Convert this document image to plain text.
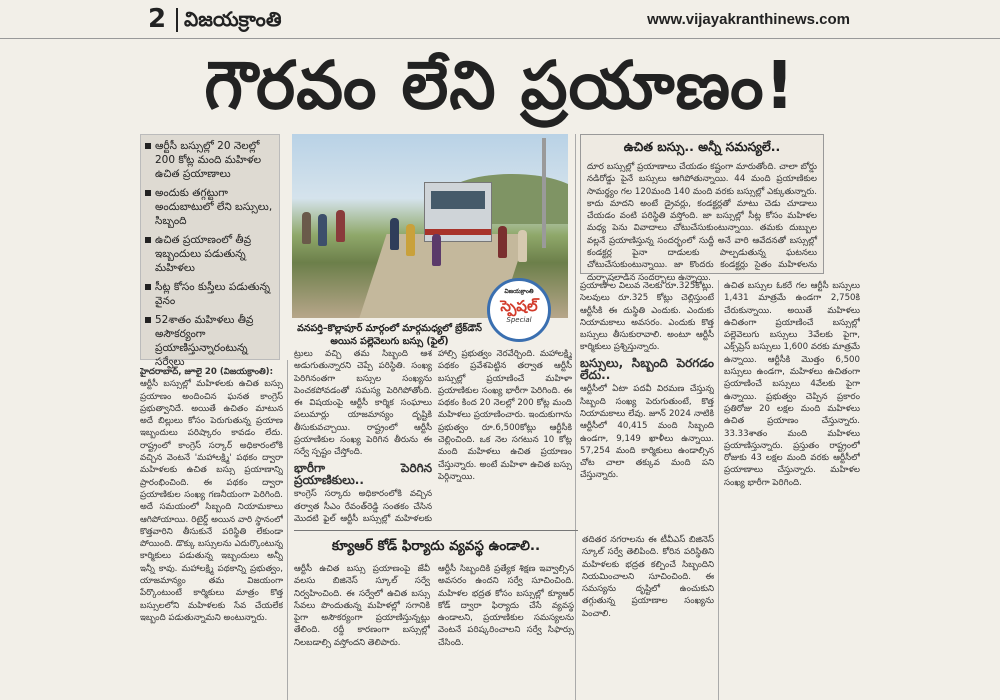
2 విజయక్రాంతి	www.vijayakranthinews.com
గౌరవం లేని ప్రయాణం!
ఆర్టీసీ బస్సుల్లో 20 నెలల్లో 200 కోట్ల మంది మహిళల ఉచిత ప్రయాణాలు
అందుకు తగ్గట్టుగా అందుబాటులో లేని బస్సులు, సిబ్బంది
ఉచిత ప్రయాణంలో తీవ్ర ఇబ్బందులు పడుతున్న మహిళలు
సీట్ల కోసం కుస్తీలు పడుతున్న వైనం
52శాతం మహిళలు తీవ్ర అసౌకర్యంగా ప్రయాణిస్తున్నారంటున్న సర్వేలు
విజయక్రాంతి
స్పెషల్
Special
వనపర్తి–కొల్లాపూర్ మార్గంలో మార్గమధ్యలో బ్రేక్‌డౌన్ అయిన పల్లెవెలుగు బస్సు (ఫైల్)
ఉచిత బస్సు.. అన్నీ సమస్యలే..
దూర బస్సుల్లో ప్రయాణాలు చేయడం కష్టంగా మారుతోంది. చాలా బోర్డు నడిరోడ్డు పైనే బస్సులు ఆగిపోతున్నాయి. 44 మంది ప్రయాణికుల సామర్థ్యం గల 120మంది 140 మంది వరకు బస్సుల్లో ఎక్కుతున్నారు. కాదు మాదని అంటే డ్రైవర్లు, కండక్టర్లతో మాటు చెడు చూడాలు చేయడం వంటి పరిస్థితి వస్తోంది. జా బస్సుల్లో సీట్ల కోసం మహిళల మధ్య పెను వివాదాలు చోటుచేసుకుంటున్నాయి. తమకు దుబ్బుల వల్లనే ప్రయాణిస్తున్న సందర్భంలో సుద్దీ అనే వారి ఆవేదనతో బస్సుల్లో కండక్టర్ల పైనా దాడులకు పాల్పడుతున్న ఘటనలు చోటుచేసుకుంటున్నాయి. జా కొందరు కండక్టర్లు సైతం మహిళలను దుర్భాషలాడిన సందర్భాలు ఉన్నాయి.
హైదరాబాద్, జూలై 20 (విజయక్రాంతి):
ఆర్టీసీ బస్సుల్లో మహిళలకు ఉచిత బస్సు ప్రయాణం అందించిన ఘనత కాంగ్రెస్ ప్రభుత్వానిదే. అయితే ఉచితం మాటున అదే బిల్లులు కోసం పెరుగుతున్న ప్రయాణ ఇబ్బందులు పరిష్కారం కావడం లేదు. రాష్ట్రంలో కాంగ్రెస్ సర్కార్ అధికారంలోకి వచ్చిన వెంటనే 'మహాలక్ష్మి' పథకం ద్వారా మహిళలకు ఉచిత బస్సు ప్రయాణాన్ని ప్రారంభించింది. ఈ పథకం ద్వారా ప్రయాణికుల సంఖ్య గణనీయంగా పెరిగింది. అదే సమయంలో సిబ్బంది నియామకాలు ఆగిపోయాయి. రిటైర్డ్ అయిన వారి స్థానంలో కొత్తవారిని తీసుకునే పరిస్థితి లేకుండా పోయింది. డొక్కు బస్సులను ఎదుర్కొంటున్న కార్మికులు పడుతున్న ఇబ్బందులు అన్నీ ఇన్నీ కావు. మహాలక్ష్మి పథకాన్ని ప్రభుత్వం, యాజమాన్యం తమ విజయంగా పేర్కొంటుంటే కార్మికులు మాత్రం కొత్త బస్సులలోని మహిళలకు సేవ చేయలేక ఇబ్బంది పడుతున్నామని అంటున్నారు.
ట్రులు వచ్చి తమ సిబ్బంది ఆశ అడుగుతున్నారని చెప్పే పరిస్థితి. సంఖ్య పెరిగినంతగా బస్సుల సంఖ్యను పెంచకపోవడంతో సమస్య పెరిగిపోతోంది. ఈ విషయంపై ఆర్టీసీ కార్మిక సంఘాలు పలుమార్లు యాజమాన్యం దృష్టికి తీసుకువచ్చాయి. రాష్ట్రంలో ఆర్టీసీ ప్రయాణికుల సంఖ్య పెరిగిన తీరును ఈ సర్వే స్పష్టం చేస్తోంది.
భారీగా పెరిగిన ప్రయాణికులు..
కాంగ్రెస్ సర్కారు అధికారంలోకి వచ్చిన తర్వాత సీఎం రేవంత్‌రెడ్డి సంతకం చేసిన మొదటి ఫైల్ ఆర్టీసీ బస్సుల్లో మహిళలకు
హాల్సి ప్రభుత్వం నెరవేర్చింది. మహాలక్ష్మి పథకం ప్రవేశపెట్టిన తర్వాత ఆర్టీసీ బస్సుల్లో ప్రయాణించే మహిళా ప్రయాణికుల సంఖ్య భారీగా పెరిగింది. ఈ పథకం కింద 20 నెలల్లో 200 కోట్ల మంది మహిళలు ప్రయాణించారు. ఇందుకుగాను ప్రభుత్వం రూ.6,500కోట్లు ఆర్టీసీకి చెల్లించింది. ఒక నెల సగటున 10 కోట్ల మంది మహిళలు ఉచిత ప్రయాణం చేస్తున్నారు. అంటే మహిళా ఉచిత బస్సు పెర్గిన్నాయి.
ప్రయాణాల విలువ నెలకు రూ.325కోట్లు. సెలవులు రూ.325 కోట్లు చెల్లిస్తుంటే ఆర్టీసీకి ఈ దుస్థితి ఎందుకు. ఎందుకు నియామకాలు అవసరం. ఎందుకు కొత్త బస్సులు తీసుకురావాలి. అంటూ ఆర్టీసీ కార్మికులు ప్రశ్నిస్తున్నారు.
బస్సులు, సిబ్బంది పెరగడం లేదు..
ఆర్టీసీలో ఏటా పదవీ విరమణ చేస్తున్న సిబ్బంది సంఖ్య పెరుగుతుంటే, కొత్త నియామకాలు లేవు. జూన్ 2024 నాటికి ఆర్టీసీలో 40,415 మంది సిబ్బంది ఉండగా, 9,149 ఖాళీలు ఉన్నాయి. 57,254 మంది కార్మికులు ఉండాల్సిన చోట చాలా తక్కువ మంది పని చేస్తున్నారు.
ఉచిత బస్సుల ఓకరే గల ఆర్టీసీ బస్సులు 1,431 మాత్రమే ఉండగా 2,750కి చేరుకున్నాయి. అయితే మహిళలు ఉచితంగా ప్రయాణించే బస్సుల్లో పల్లెవెలుగు బస్సులు 3వేలకు పైగా, ఎక్స్‌ప్రెస్ బస్సులు 1,600 వరకు మాత్రమే ఉన్నాయి. ఆర్టీసీకి మొత్తం 6,500 బస్సులు ఉండగా, మహిళలు ఉచితంగా ప్రయాణించే బస్సులు 4వేలకు పైగా ఉన్నాయి. ప్రభుత్వం చెప్పిన ప్రకారం ప్రతిరోజు 20 లక్షల మంది మహిళలు ఉచిత ప్రయాణం చేస్తున్నారు. 33.33శాతం మంది మహిళలు ప్రయాణిస్తున్నారు. ప్రస్తుతం రాష్ట్రంలో రోజుకు 43 లక్షల మంది వరకు ఆర్టీసీలో ప్రయాణాలు చేస్తున్నారు. మహిళల సంఖ్య భారీగా పెరిగింది.
క్యూఆర్ కోడ్ ఫిర్యాదు వ్యవస్థ ఉండాలి..
ఆర్టీసీ ఉచిత బస్సు ప్రయాణంపై జేవీ వలసు బిజినెస్ స్కూల్ సర్వే నిర్వహించింది. ఈ సర్వేలో ఉచిత బస్సు సేవలు పొందుతున్న మహిళల్లో సగానికి పైగా అసౌకర్యంగా ప్రయాణిస్తున్నట్లు తేలింది. రద్దీ కారణంగా బస్సుల్లో నిలబడాల్సి వస్తోందని తెలిపారు.
ఆర్టీసీ సిబ్బందికి ప్రత్యేక శిక్షణ ఇవ్వాల్సిన అవసరం ఉందని సర్వే సూచించింది. మహిళల భద్రత కోసం బస్సుల్లో క్యూఆర్ కోడ్ ద్వారా ఫిర్యాదు చేసే వ్యవస్థ ఉండాలని, ప్రయాణికుల సమస్యలను వెంటనే పరిష్కరించాలని సర్వే సిఫార్సు చేసింది.
తదితర నగరాలను ఈ టీవీఎస్ బిజినెస్ స్కూల్ సర్వే తెలిపింది. కోరిన పరిస్థితిని మహిళలకు భద్రత కల్పించే సిబ్బందిని నియమించాలని సూచించింది. ఈ సమస్యను దృష్టిలో ఉంచుకుని తగ్గుతున్న ప్రయాణాల సంఖ్యను పెంచాలి.
